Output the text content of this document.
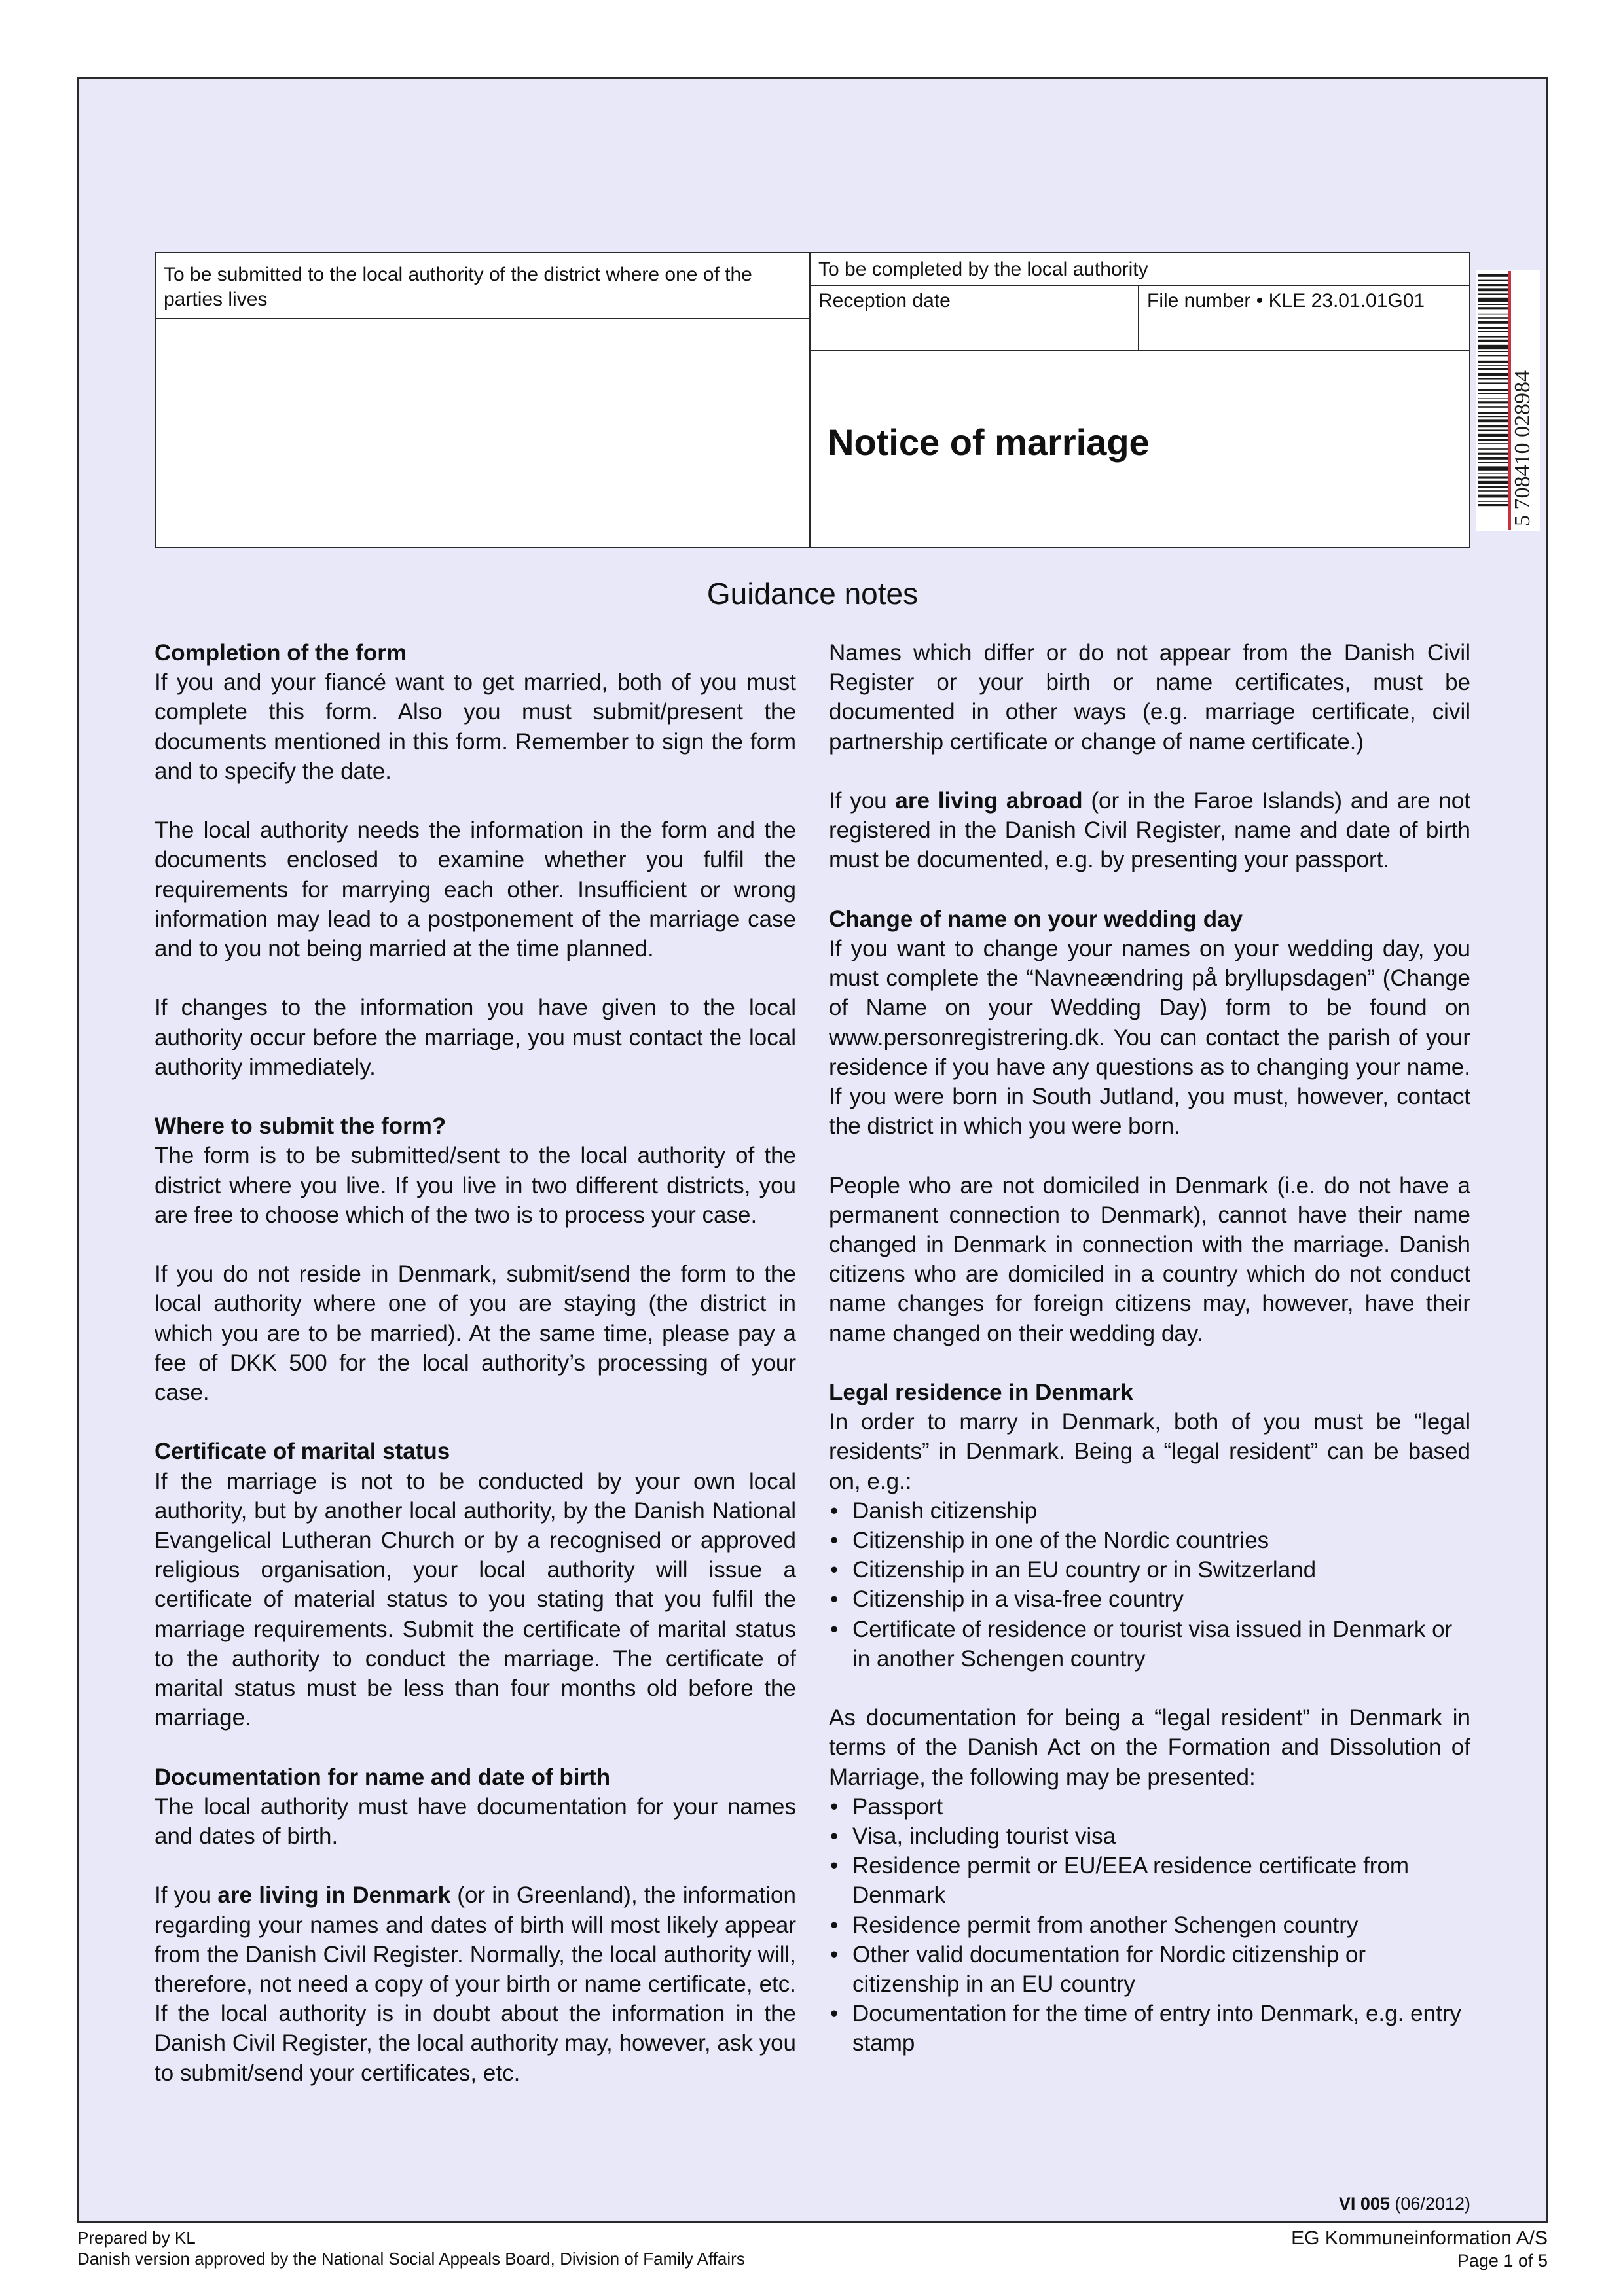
To be submitted to the local authority of the district where one of the parties lives
To be completed by the local authority
Reception date	File number • KLE 23.01.01G01
Notice of marriage	5 708410 028984
Guidance notes
Completion of the form

If you and your fiancé want to get married, both of you must complete this form. Also you must submit/present the documents mentioned in this form. Remember to sign the form and to specify the date.

The local authority needs the information in the form and the documents enclosed to examine whether you fulfil the requirements for marrying each other. Insufficient or wrong information may lead to a postponement of the marriage case and to you not being married at the time planned.

If changes to the information you have given to the local authority occur before the marriage, you must contact the local authority immediately.

Where to submit the form?

The form is to be submitted/sent to the local authority of the district where you live. If you live in two different districts, you are free to choose which of the two is to process your case.

If you do not reside in Denmark, submit/send the form to the local authority where one of you are staying (the district in which you are to be married). At the same time, please pay a fee of DKK 500 for the local authority’s processing of your case.

Certificate of marital status

If the marriage is not to be conducted by your own local authority, but by another local authority, by the Danish National Evangelical Lutheran Church or by a recognised or approved religious organisation, your local authority will issue a certificate of material status to you stating that you fulfil the marriage requirements. Submit the certificate of marital status to the authority to conduct the marriage. The certificate of marital status must be less than four months old before the marriage.

Documentation for name and date of birth

The local authority must have documentation for your names and dates of birth.

If you are living in Denmark (or in Greenland), the information regarding your names and dates of birth will most likely appear from the Danish Civil Register. Normally, the local authority will, therefore, not need a copy of your birth or name certificate, etc. If the local authority is in doubt about the information in the Danish Civil Register, the local authority may, however, ask you to submit/send your certificates, etc.

Names which differ or do not appear from the Danish Civil Register or your birth or name certificates, must be documented in other ways (e.g. marriage certificate, civil partnership certificate or change of name certificate.)

If you are living abroad (or in the Faroe Islands) and are not registered in the Danish Civil Register, name and date of birth must be documented, e.g. by presenting your passport.

Change of name on your wedding day

If you want to change your names on your wedding day, you must complete the “Navneændring på bryllupsdagen” (Change of Name on your Wedding Day) form to be found on www.personregistrering.dk. You can contact the parish of your residence if you have any questions as to changing your name. If you were born in South Jutland, you must, however, contact the district in which you were born.

People who are not domiciled in Denmark (i.e. do not have a permanent connection to Denmark), cannot have their name changed in Denmark in connection with the marriage. Danish citizens who are domiciled in a country which do not conduct name changes for foreign citizens may, however, have their name changed on their wedding day.

Legal residence in Denmark
In order to marry in Denmark, both of you must be “legal residents” in Denmark. Being a “legal resident” can be based on, e.g.:
• Danish citizenship
• Citizenship in one of the Nordic countries
• Citizenship in an EU country or in Switzerland
• Citizenship in a visa-free country
• Certificate of residence or tourist visa issued in Denmark or in another Schengen country
As documentation for being a “legal resident” in Denmark in terms of the Danish Act on the Formation and Dissolution of Marriage, the following may be presented:
• Passport
• Visa, including tourist visa
• Residence permit or EU/EEA residence certificate from Denmark
• Residence permit from another Schengen country
• Other valid documentation for Nordic citizenship or citizenship in an EU country
• Documentation for the time of entry into Denmark, e.g. entry stamp
VI 005 (06/2012)
Prepared by KL
Danish version approved by the National Social Appeals Board, Division of Family Affairs
EG Kommuneinformation A/S
Page 1 of 5
